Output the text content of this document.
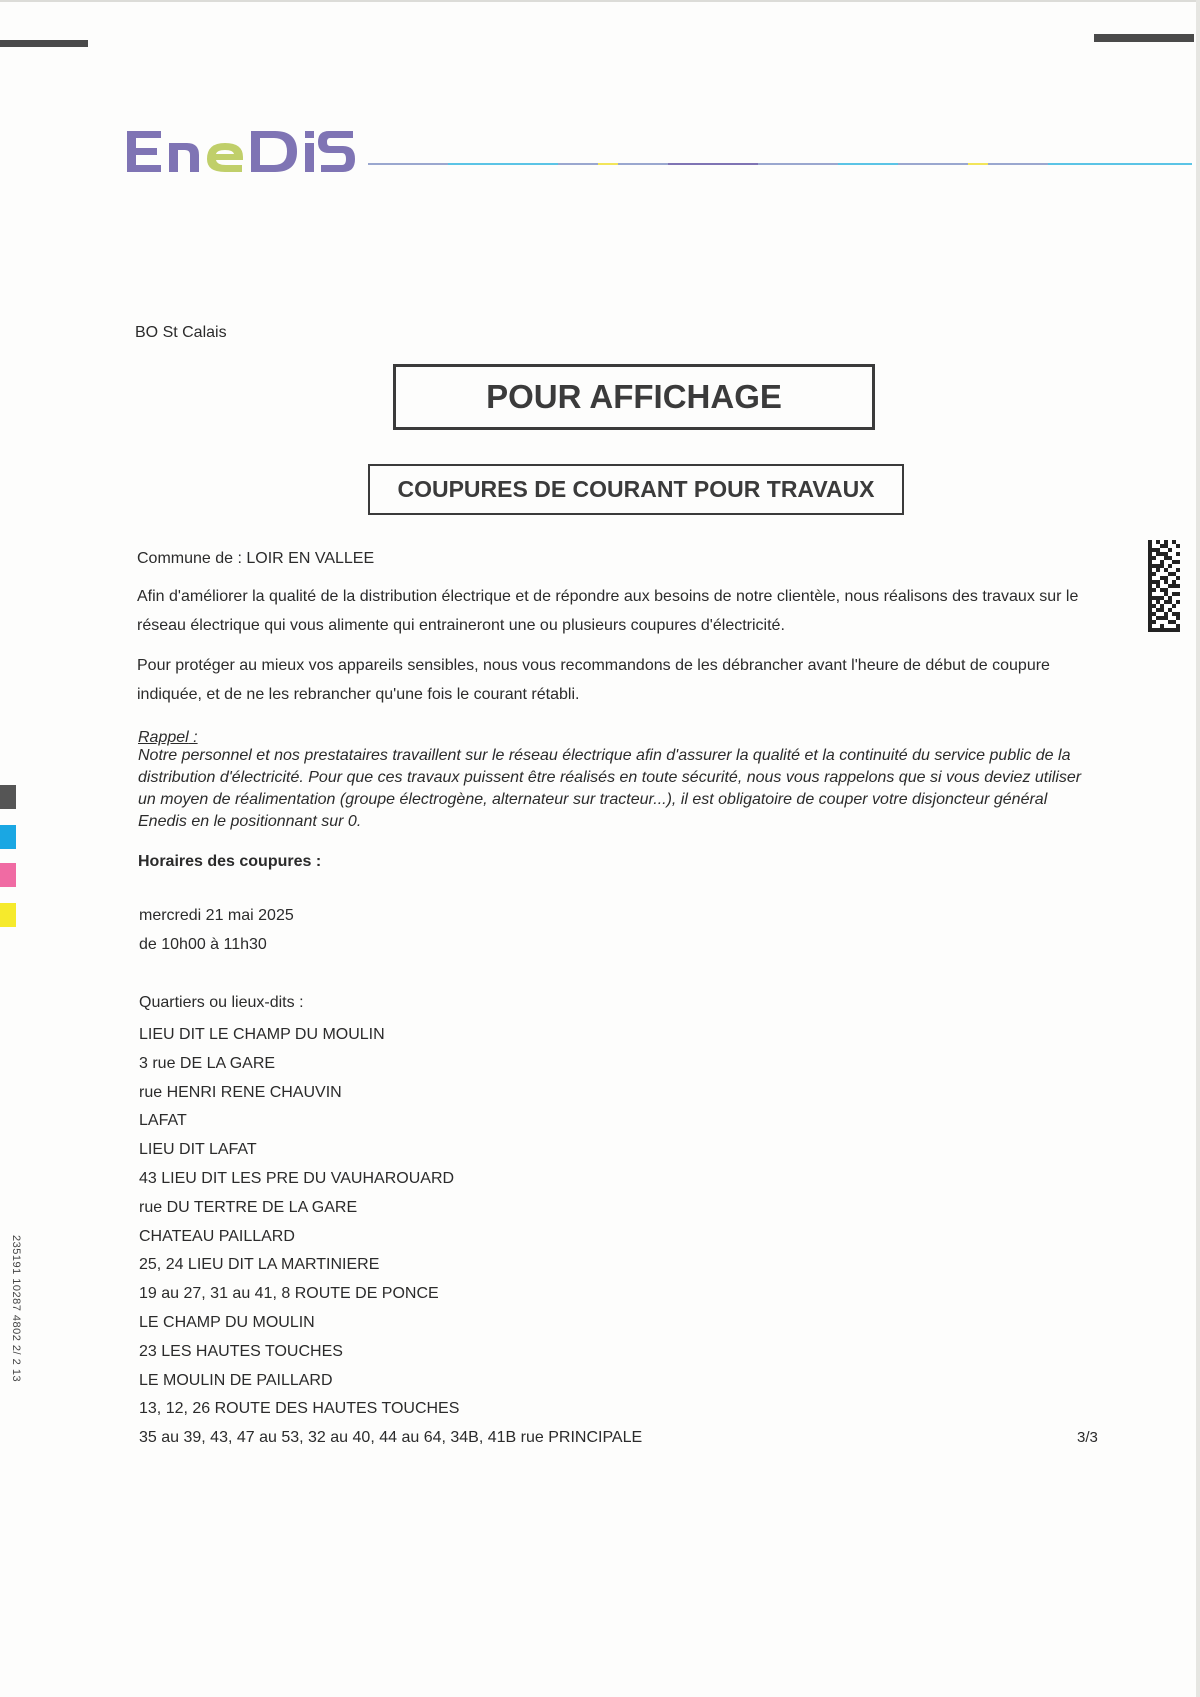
BO St Calais
POUR AFFICHAGE
COUPURES DE COURANT POUR TRAVAUX
Commune de : LOIR EN VALLEE
Afin d'améliorer la qualité de la distribution électrique et de répondre aux besoins de notre clientèle, nous réalisons des travaux sur le réseau électrique qui vous alimente qui entraineront une ou plusieurs coupures d'électricité.
Pour protéger au mieux vos appareils sensibles, nous vous recommandons de les débrancher avant l'heure de début de coupure indiquée, et de ne les rebrancher qu'une fois le courant rétabli.
Rappel :
Notre personnel et nos prestataires travaillent sur le réseau électrique afin d'assurer la qualité et la continuité du service public de la distribution d'électricité. Pour que ces travaux puissent être réalisés en toute sécurité, nous vous rappelons que si vous deviez utiliser un moyen de réalimentation (groupe électrogène, alternateur sur tracteur...), il est obligatoire de couper votre disjoncteur général Enedis en le positionnant sur 0.
Horaires des coupures :
mercredi 21 mai 2025
de 10h00 à 11h30
Quartiers ou lieux-dits :
LIEU DIT LE CHAMP DU MOULIN
3 rue DE LA GARE
rue HENRI RENE CHAUVIN
LAFAT
LIEU DIT LAFAT
43 LIEU DIT LES PRE DU VAUHAROUARD
rue DU TERTRE DE LA GARE
CHATEAU PAILLARD
25, 24 LIEU DIT LA MARTINIERE
19 au 27, 31 au 41, 8 ROUTE DE PONCE
LE CHAMP DU MOULIN
23 LES HAUTES TOUCHES
LE MOULIN DE PAILLARD
13, 12, 26 ROUTE DES HAUTES TOUCHES
35 au 39, 43, 47 au 53, 32 au 40, 44 au 64, 34B, 41B rue PRINCIPALE	3/3
235191 10287 4802 2/ 2 13
